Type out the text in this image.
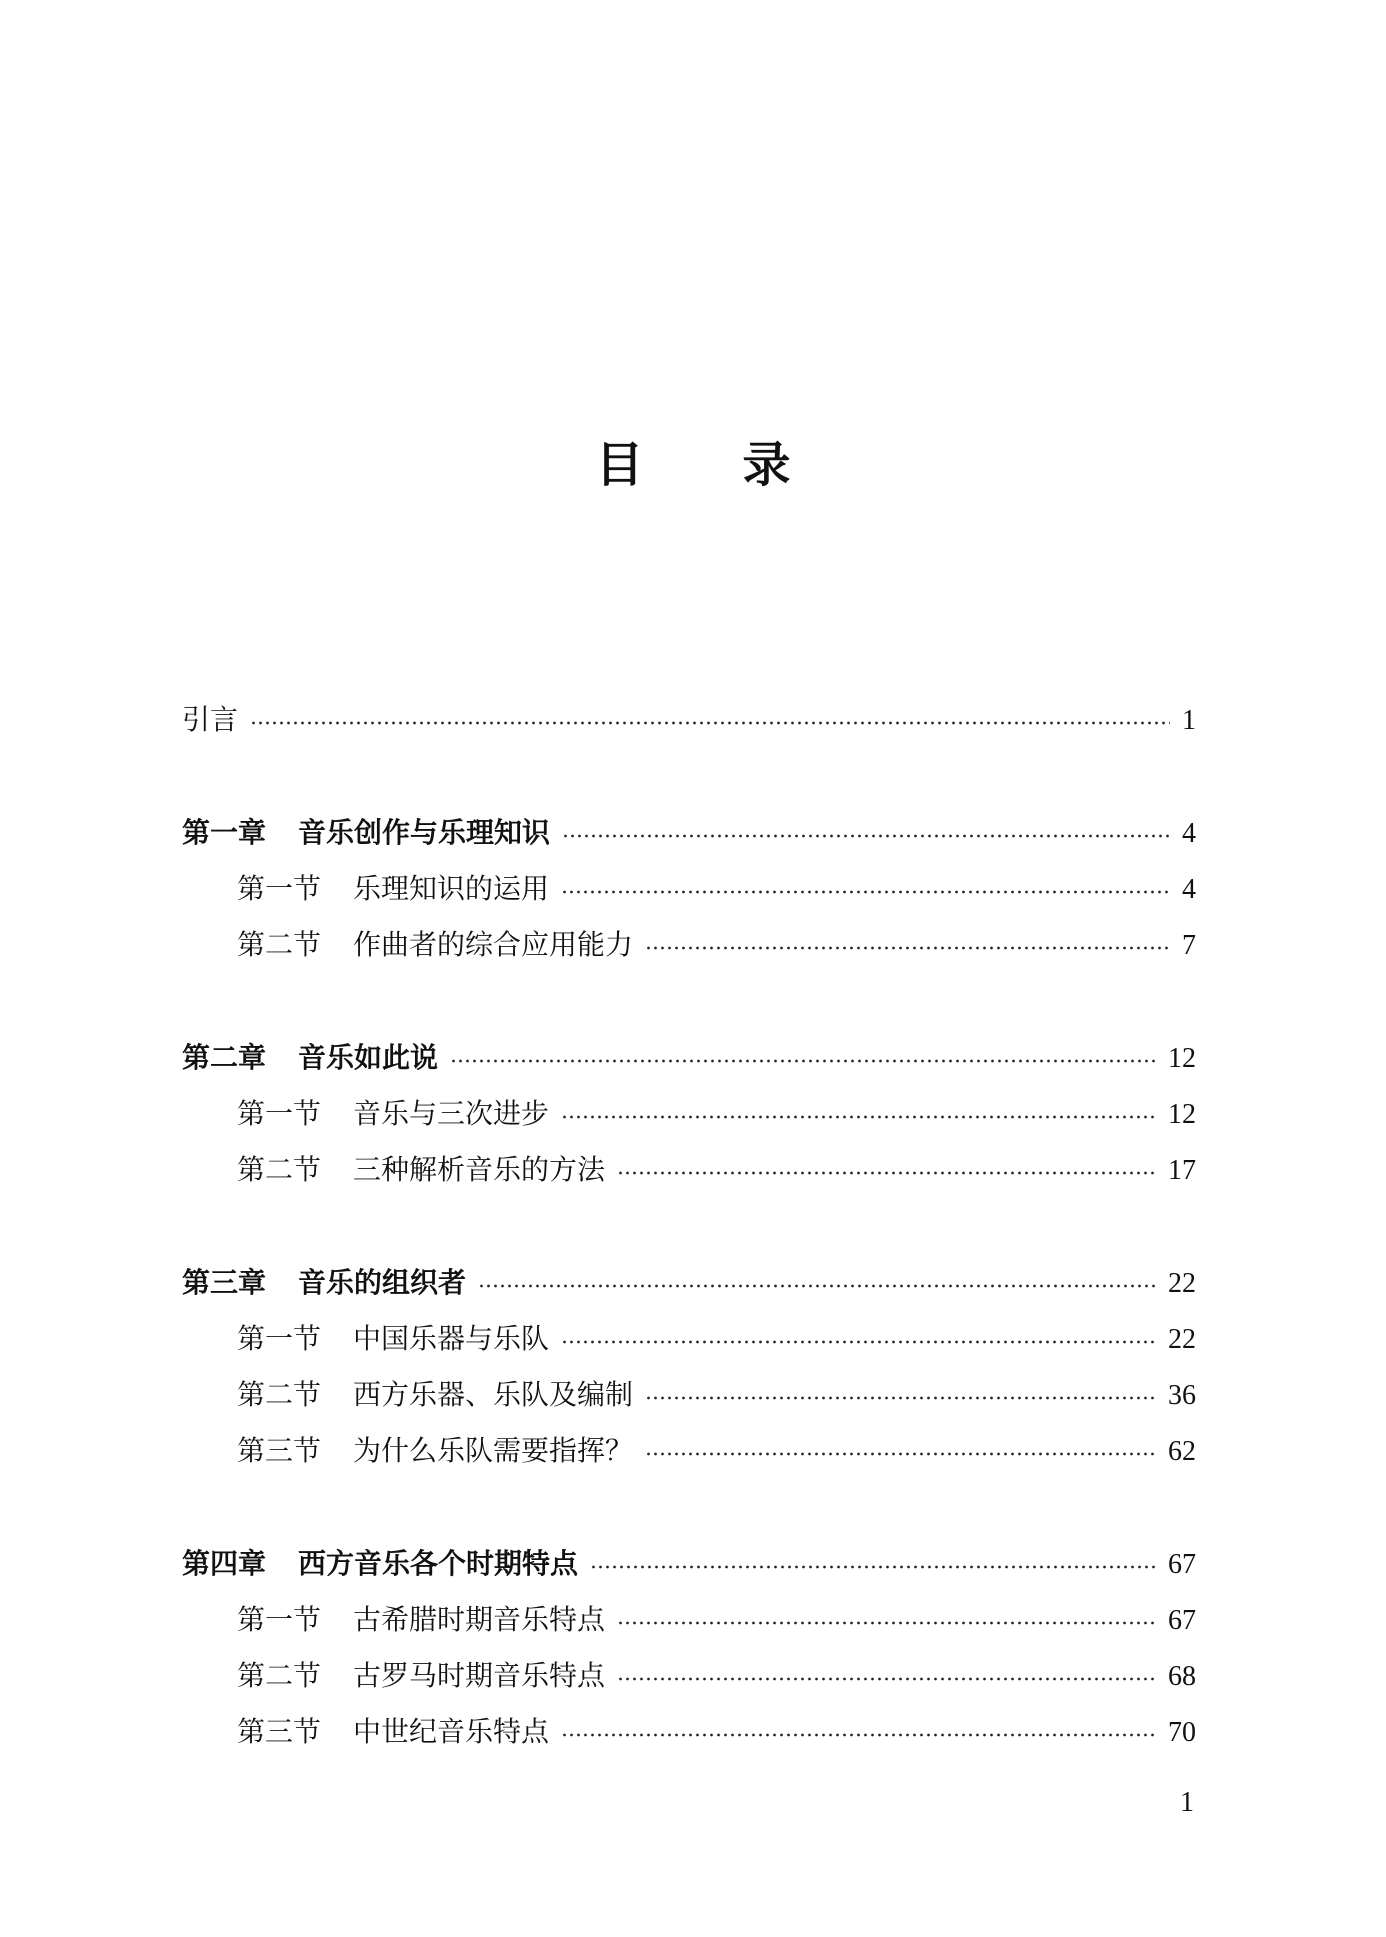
目录
引言	1
第一章 音乐创作与乐理知识	4
第一节 乐理知识的运用	4
第二节 作曲者的综合应用能力	7
第二章 音乐如此说	12
第一节 音乐与三次进步	12
第二节 三种解析音乐的方法	17
第三章 音乐的组织者	22
第一节 中国乐器与乐队	22
第二节 西方乐器、乐队及编制	36
第三节 为什么乐队需要指挥？	62
第四章 西方音乐各个时期特点	67
第一节 古希腊时期音乐特点	67
第二节 古罗马时期音乐特点	68
第三节 中世纪音乐特点	70
1
